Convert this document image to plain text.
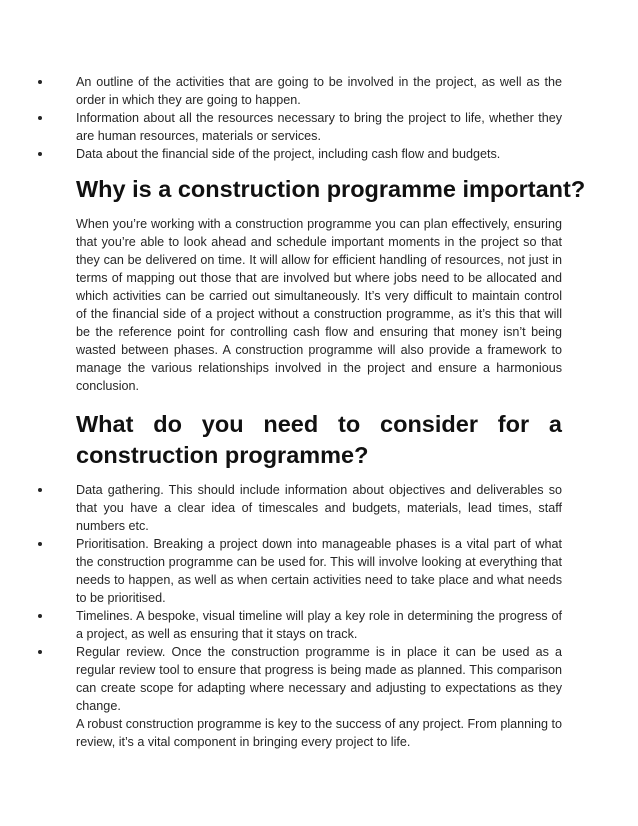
An outline of the activities that are going to be involved in the project, as well as the order in which they are going to happen.
Information about all the resources necessary to bring the project to life, whether they are human resources, materials or services.
Data about the financial side of the project, including cash flow and budgets.
Why is a construction programme important?

When you’re working with a construction programme you can plan effectively, ensuring that you’re able to look ahead and schedule important moments in the project so that they can be delivered on time. It will allow for efficient handling of resources, not just in terms of mapping out those that are involved but where jobs need to be allocated and which activities can be carried out simultaneously. It’s very difficult to maintain control of the financial side of a project without a construction programme, as it’s this that will be the reference point for controlling cash flow and ensuring that money isn’t being wasted between phases. A construction programme will also provide a framework to manage the various relationships involved in the project and ensure a harmonious conclusion.

What do you need to consider for a
construction programme?
Data gathering. This should include information about objectives and deliverables so that you have a clear idea of timescales and budgets, materials, lead times, staff numbers etc.
Prioritisation. Breaking a project down into manageable phases is a vital part of what the construction programme can be used for. This will involve looking at everything that needs to happen, as well as when certain activities need to take place and what needs to be prioritised.
Timelines. A bespoke, visual timeline will play a key role in determining the progress of a project, as well as ensuring that it stays on track.
Regular review. Once the construction programme is in place it can be used as a regular review tool to ensure that progress is being made as planned. This comparison can create scope for adapting where necessary and adjusting to expectations as they change.
A robust construction programme is key to the success of any project. From planning to review, it’s a vital component in bringing every project to life.
